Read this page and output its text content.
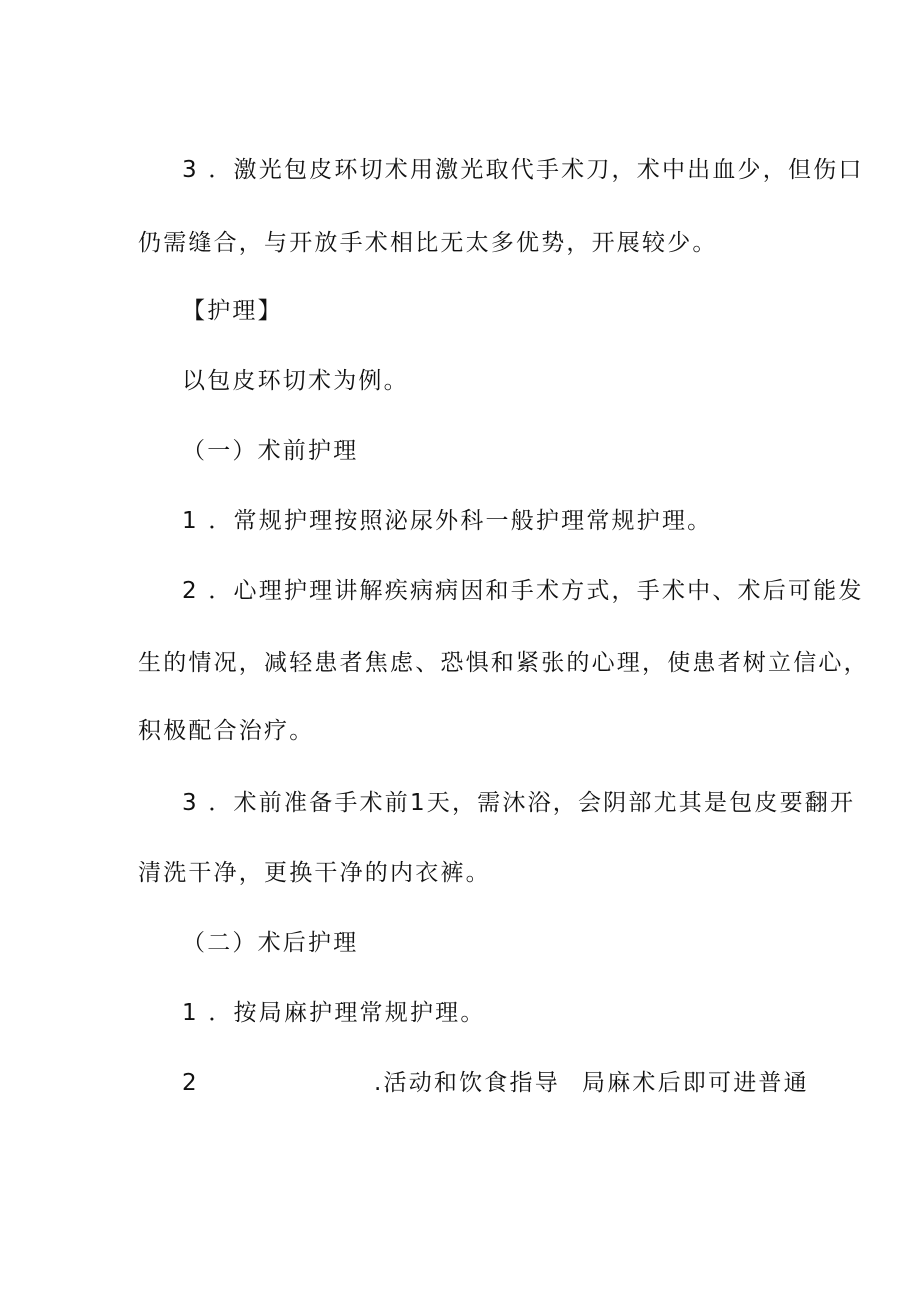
3 ．激光包皮环切术用激光取代手术刀，术中出血少，但伤口
仍需缝合，与开放手术相比无太多优势，开展较少。
【护理】
以包皮环切术为例。
（一）术前护理
1 ．常规护理按照泌尿外科一般护理常规护理。
2 ．心理护理讲解疾病病因和手术方式，手术中、术后可能发
生的情况，减轻患者焦虑、恐惧和紧张的心理，使患者树立信心，
积极配合治疗。
3 ．术前准备手术前1天，需沐浴，会阴部尤其是包皮要翻开
清洗干净，更换干净的内衣裤。
（二）术后护理
1 ．按局麻护理常规护理。
2	.活动和饮食指导 局麻术后即可进普通
